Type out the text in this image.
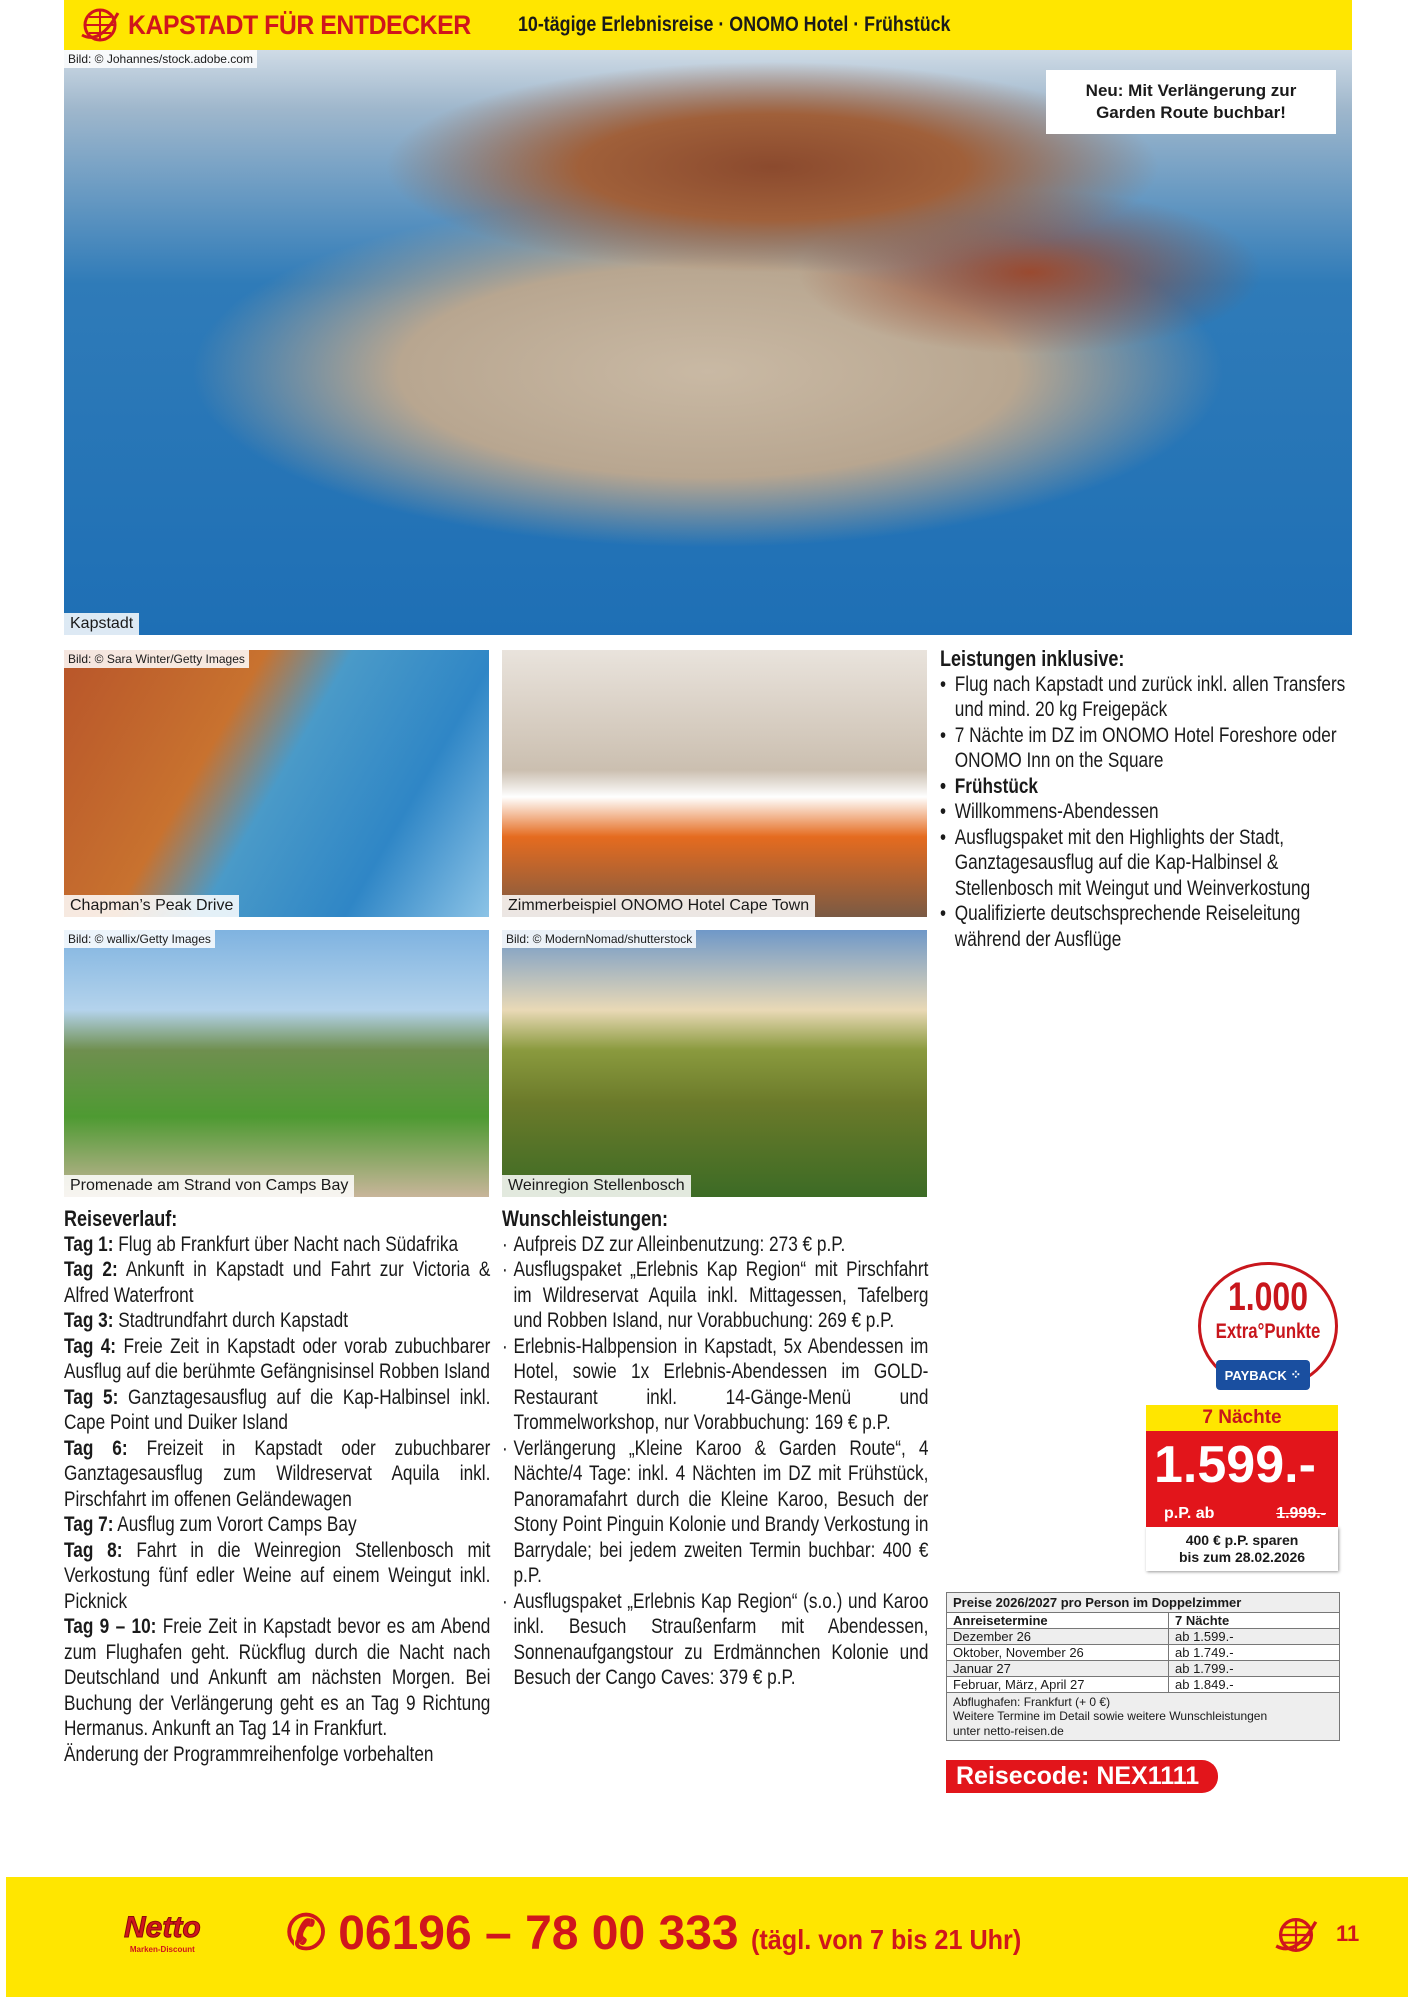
KAPSTADT FÜR ENTDECKER	10-tägige Erlebnisreise · ONOMO Hotel · Frühstück
Bild: © Johannes/stock.adobe.com
Neu: Mit Verlängerung zur Garden Route buchbar!
Kapstadt
Bild: © Sara Winter/Getty Images
Chapman’s Peak Drive	Zimmerbeispiel ONOMO Hotel Cape Town
Bild: © wallix/Getty Images
Promenade am Strand von Camps Bay
Bild: © ModernNomad/shutterstock
Weinregion Stellenbosch
Leistungen inklusive:
• Flug nach Kapstadt und zurück inkl. allen Transfers und mind. 20 kg Freigepäck
• 7 Nächte im DZ im ONOMO Hotel Foreshore oder ONOMO Inn on the Square
• Frühstück
• Willkommens-Abendessen
• Ausflugspaket mit den Highlights der Stadt, Ganztagesausflug auf die Kap-Halbinsel & Stellenbosch mit Weingut und Weinverkostung
• Qualifizierte deutschsprechende Reiseleitung während der Ausflüge
Reiseverlauf:

Tag 1: Flug ab Frankfurt über Nacht nach Südafrika

Tag 2: Ankunft in Kapstadt und Fahrt zur Victoria & Alfred Waterfront

Tag 3: Stadtrundfahrt durch Kapstadt

Tag 4: Freie Zeit in Kapstadt oder vorab zubuchbarer Ausflug auf die berühmte Gefängnisinsel Robben Island

Tag 5: Ganztagesausflug auf die Kap-Halbinsel inkl. Cape Point und Duiker Island

Tag 6: Freizeit in Kapstadt oder zubuchbarer Ganztagesausflug zum Wildreservat Aquila inkl. Pirschfahrt im offenen Geländewagen

Tag 7: Ausflug zum Vorort Camps Bay

Tag 8: Fahrt in die Weinregion Stellenbosch mit Verkostung fünf edler Weine auf einem Weingut inkl. Picknick

Tag 9 – 10: Freie Zeit in Kapstadt bevor es am Abend zum Flughafen geht. Rückflug durch die Nacht nach Deutschland und Ankunft am nächsten Morgen. Bei Buchung der Verlängerung geht es an Tag 9 Richtung Hermanus. Ankunft an Tag 14 in Frankfurt.

Änderung der Programmreihenfolge vorbehalten

Wunschleistungen:
· Aufpreis DZ zur Alleinbenutzung: 273 € p.P.
· Ausflugspaket „Erlebnis Kap Region“ mit Pirschfahrt im Wildreservat Aquila inkl. Mittagessen, Tafelberg und Robben Island, nur Vorabbuchung: 269 € p.P.
· Erlebnis-Halbpension in Kapstadt, 5x Abendessen im Hotel, sowie 1x Erlebnis-Abendessen im GOLD-Restaurant inkl. 14-Gänge-Menü und Trommelworkshop, nur Vorabbuchung: 169 € p.P.
· Verlängerung „Kleine Karoo & Garden Route“, 4 Nächte/4 Tage: inkl. 4 Nächten im DZ mit Frühstück, Panoramafahrt durch die Kleine Karoo, Besuch der Stony Point Pinguin Kolonie und Brandy Verkostung in Barrydale; bei jedem zweiten Termin buchbar: 400 € p.P.
· Ausflugspaket „Erlebnis Kap Region“ (s.o.) und Karoo inkl. Besuch Straußenfarm mit Abendessen, Sonnenaufgangstour zu Erdmännchen Kolonie und Besuch der Cango Caves: 379 € p.P.
1.000
Extra°Punkte
PAYBACK
⁘
7 Nächte
1.599.-
p.P. ab	1.999.-
400 € p.P. sparen
bis zum 28.02.2026
Preise 2026/2027 pro Person im Doppelzimmer
Anreisetermine	7 Nächte
Dezember 26	ab 1.599.-
Oktober, November 26	ab 1.749.-
Januar 27	ab 1.799.-
Februar, März, April 27	ab 1.849.-
Abflughafen: Frankfurt (+ 0 €)
Weitere Termine im Detail sowie weitere Wunschleistungen
unter netto-reisen.de
Reisecode: NEX1111
Netto
Marken-Discount ✆ 06196 – 78 00 333 (tägl. von 7 bis 21 Uhr)	11
